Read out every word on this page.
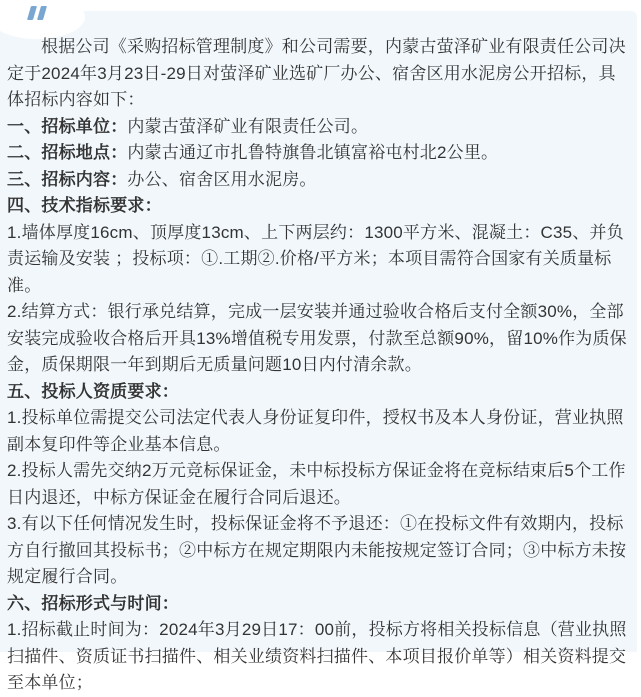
根据公司《采购招标管理制度》和公司需要，内蒙古萤泽矿业有限责任公司决定于2024年3月23日-29日对萤泽矿业选矿厂办公、宿舍区用水泥房公开招标，具体招标内容如下：

一、招标单位：内蒙古萤泽矿业有限责任公司。

二、招标地点：内蒙古通辽市扎鲁特旗鲁北镇富裕屯村北2公里。

三、招标内容：办公、宿舍区用水泥房。

四、技术指标要求：

1.墙体厚度16cm、顶厚度13cm、上下两层约：1300平方米、混凝土：C35、并负责运输及安装 ；投标项：①.工期②.价格/平方米；本项目需符合国家有关质量标准。

2.结算方式：银行承兑结算，完成一层安装并通过验收合格后支付全额30%，全部安装完成验收合格后开具13%增值税专用发票，付款至总额90%，留10%作为质保金，质保期限一年到期后无质量问题10日内付清余款。

五、投标人资质要求：

1.投标单位需提交公司法定代表人身份证复印件，授权书及本人身份证，营业执照副本复印件等企业基本信息。

2.投标人需先交纳2万元竞标保证金，未中标投标方保证金将在竞标结束后5个工作日内退还，中标方保证金在履行合同后退还。

3.有以下任何情况发生时，投标保证金将不予退还：①在投标文件有效期内，投标方自行撤回其投标书；②中标方在规定期限内未能按规定签订合同；③中标方未按规定履行合同。

六、招标形式与时间：

1.招标截止时间为：2024年3月29日17：00前，投标方将相关投标信息（营业执照扫描件、资质证书扫描件、相关业绩资料扫描件、本项目报价单等）相关资料提交至本单位；
